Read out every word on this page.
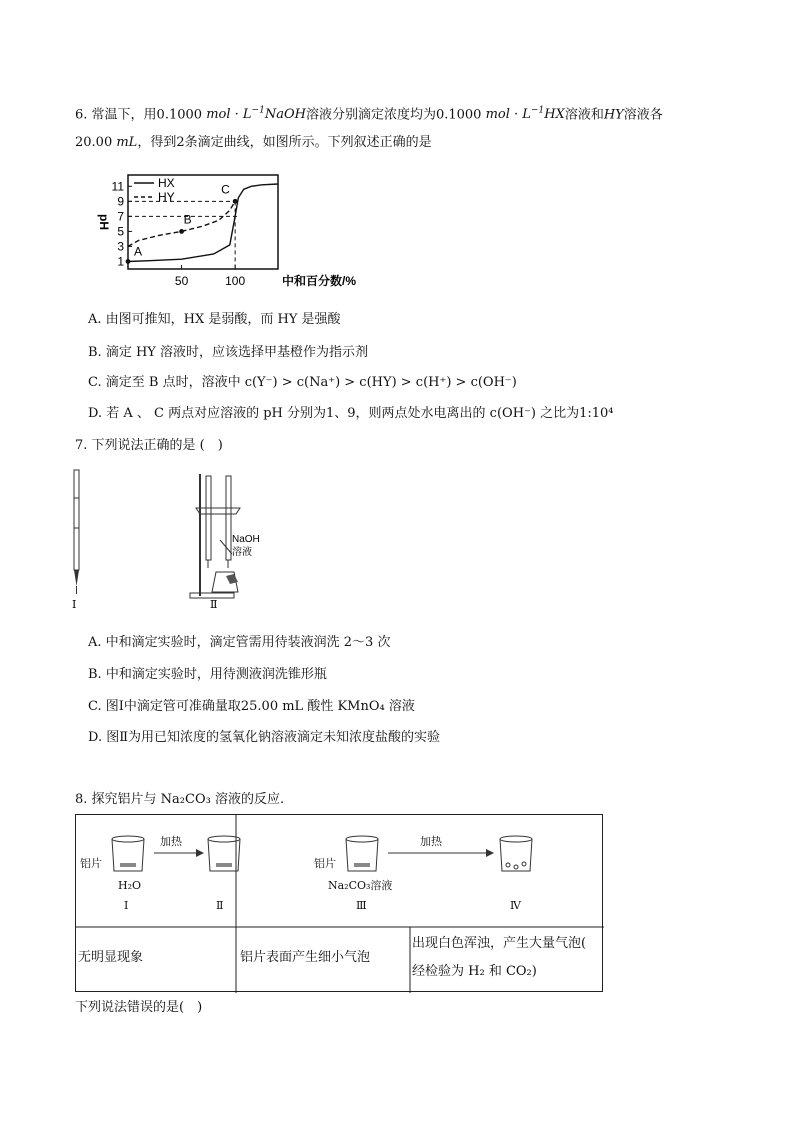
6. 常温下，用0.1000 mol · $L^{-1}NaOH$溶液分别滴定浓度均为0.1000 mol · $L^{-1}HX$溶液和HY溶液各
20.00 mL，得到2条滴定曲线，如图所示。下列叙述正确的是
1
3
5
7
9
11
50	100
pH
中和百分数/%
A
B
C
HX
HY
A. 由图可推知，HX 是弱酸，而 HY 是强酸
B. 滴定 HY 溶液时，应该选择甲基橙作为指示剂
C. 滴定至 B 点时，溶液中 c(Y⁻) > c(Na⁺) > c(HY) > c(H⁺) > c(OH⁻)
D. 若 A 、 C 两点对应溶液的 pH 分别为1、9，则两点处水电离出的 c(OH⁻) 之比为1:10⁴
7. 下列说法正确的是 (　)
Ⅰ
NaOH
溶液
Ⅱ
A. 中和滴定实验时，滴定管需用待装液润洗 2～3 次
B. 中和滴定实验时，用待测液润洗锥形瓶
C. 图Ⅰ中滴定管可准确量取25.00 mL 酸性 KMnO₄ 溶液
D. 图Ⅱ为用已知浓度的氢氧化钠溶液滴定未知浓度盐酸的实验
8. 探究铝片与 Na₂CO₃ 溶液的反应.
加热	加热
铝片	铝片
H₂O	Na₂CO₃溶液
Ⅰ	Ⅱ	Ⅲ	Ⅳ
无明显现象	铝片表面产生细小气泡
出现白色浑浊，产生大量气泡(
经检验为 H₂ 和 CO₂)
下列说法错误的是(　)
